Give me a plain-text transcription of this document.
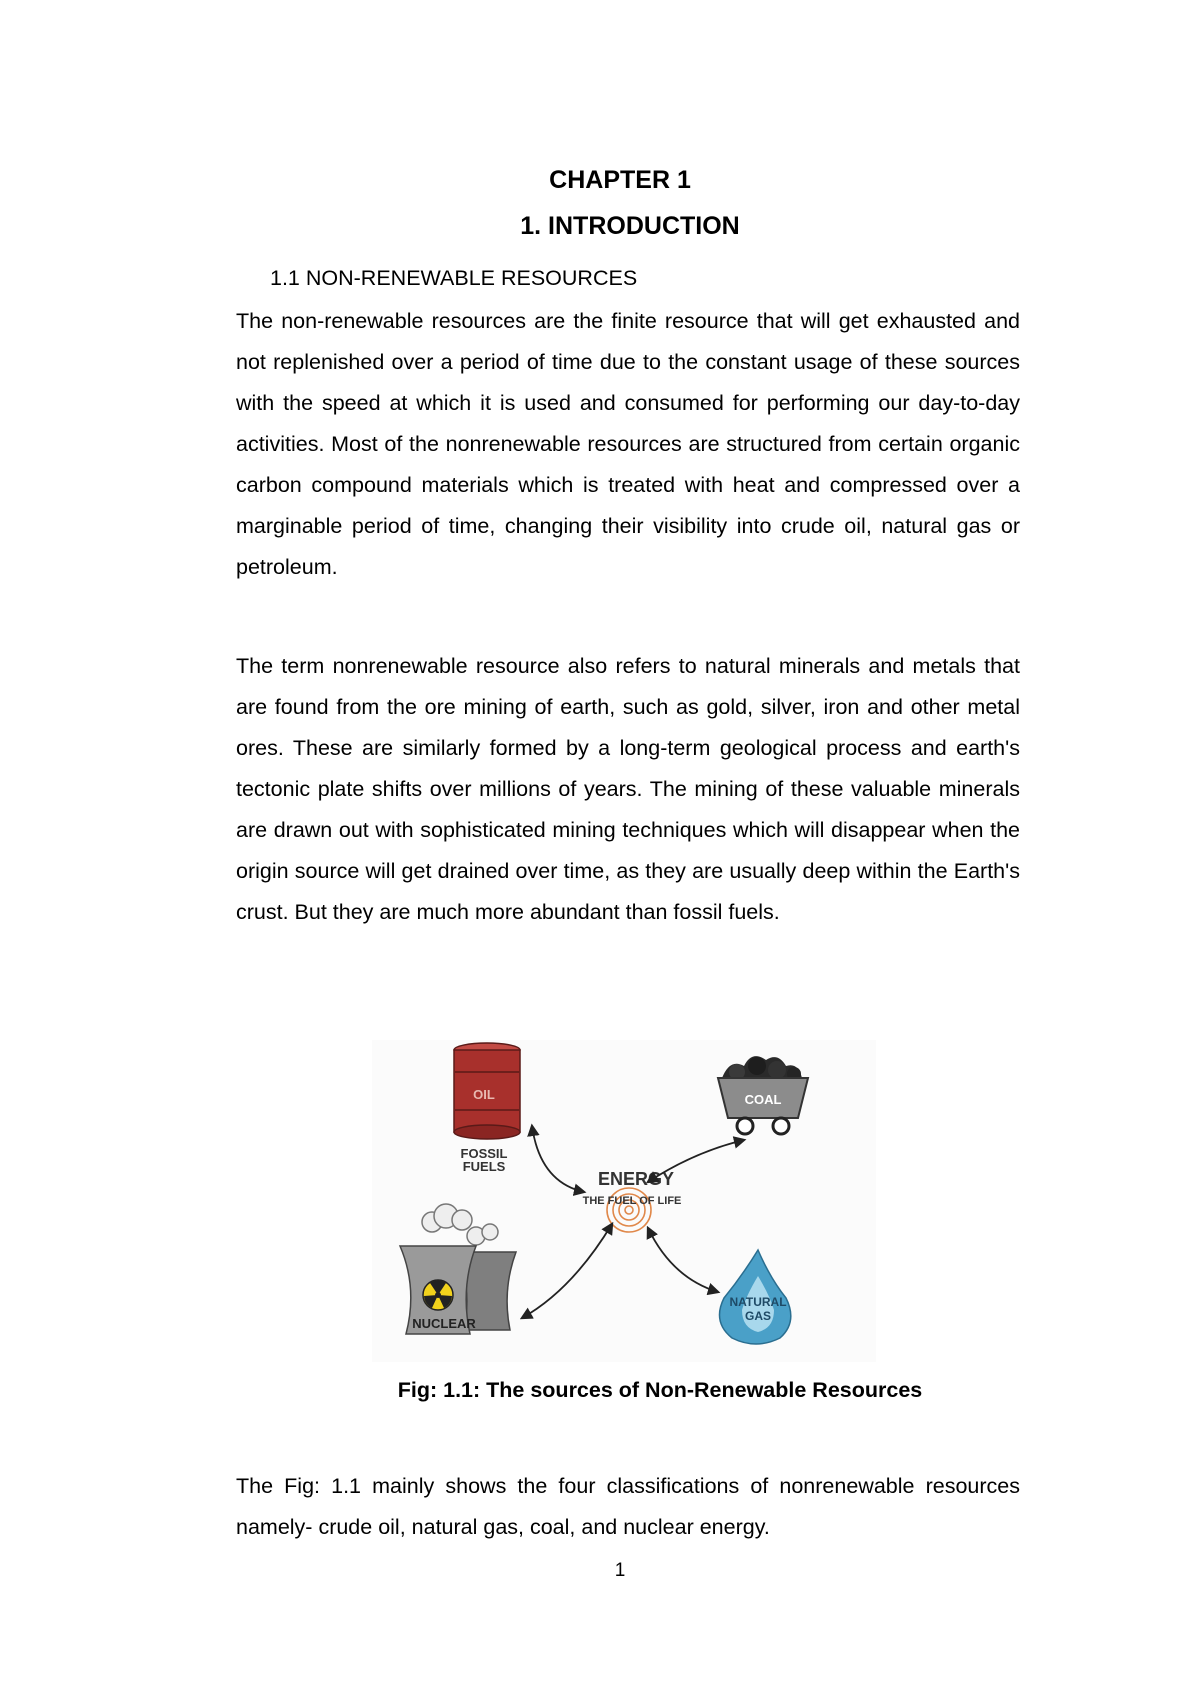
CHAPTER 1
1. INTRODUCTION
1.1 NON-RENEWABLE RESOURCES
The non-renewable resources are the finite resource that will get exhausted and not replenished over a period of time due to the constant usage of these sources with the speed at which it is used and consumed for performing our day-to-day activities. Most of the nonrenewable resources are structured from certain organic carbon compound materials which is treated with heat and compressed over a marginable period of time, changing their visibility into crude oil, natural gas or petroleum.
The term nonrenewable resource also refers to natural minerals and metals that are found from the ore mining of earth, such as gold, silver, iron and other metal ores. These are similarly formed by a long-term geological process and earth's tectonic plate shifts over millions of years. The mining of these valuable minerals are drawn out with sophisticated mining techniques which will disappear when the origin source will get drained over time, as they are usually deep within the Earth's crust. But they are much more abundant than fossil fuels.
OIL
FOSSIL
FUELS
COAL
ENERGY
THE FUEL OF LIFE
NUCLEAR
NATURAL
GAS
Fig: 1.1: The sources of Non-Renewable Resources
The Fig: 1.1 mainly shows the four classifications of nonrenewable resources namely- crude oil, natural gas, coal, and nuclear energy.
1
